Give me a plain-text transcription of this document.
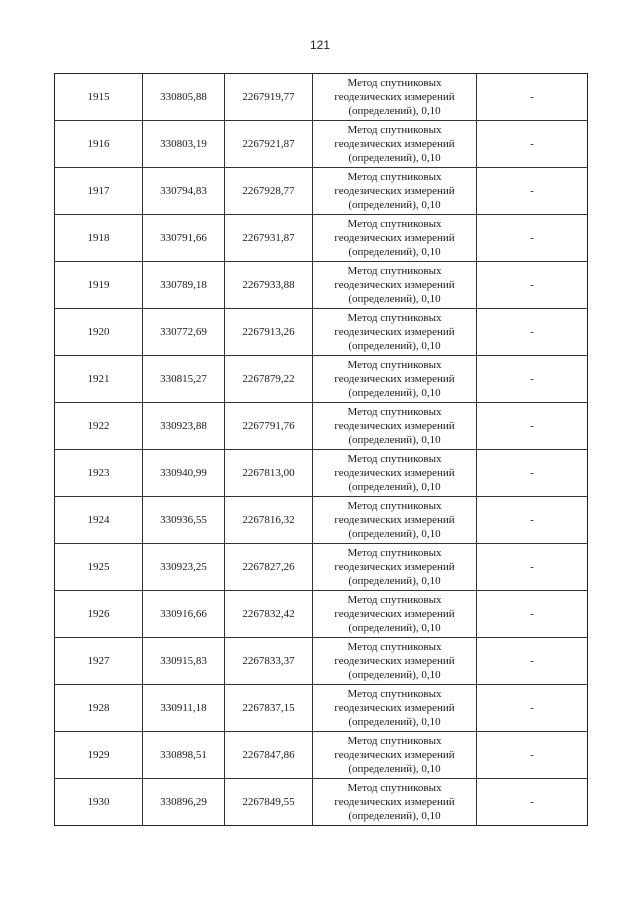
121
1915	330805,88	2267919,77	Метод спутниковых
геодезических измерений
(определений), 0,10	-
1916	330803,19	2267921,87	Метод спутниковых
геодезических измерений
(определений), 0,10	-
1917	330794,83	2267928,77	Метод спутниковых
геодезических измерений
(определений), 0,10	-
1918	330791,66	2267931,87	Метод спутниковых
геодезических измерений
(определений), 0,10	-
1919	330789,18	2267933,88	Метод спутниковых
геодезических измерений
(определений), 0,10	-
1920	330772,69	2267913,26	Метод спутниковых
геодезических измерений
(определений), 0,10	-
1921	330815,27	2267879,22	Метод спутниковых
геодезических измерений
(определений), 0,10	-
1922	330923,88	2267791,76	Метод спутниковых
геодезических измерений
(определений), 0,10	-
1923	330940,99	2267813,00	Метод спутниковых
геодезических измерений
(определений), 0,10	-
1924	330936,55	2267816,32	Метод спутниковых
геодезических измерений
(определений), 0,10	-
1925	330923,25	2267827,26	Метод спутниковых
геодезических измерений
(определений), 0,10	-
1926	330916,66	2267832,42	Метод спутниковых
геодезических измерений
(определений), 0,10	-
1927	330915,83	2267833,37	Метод спутниковых
геодезических измерений
(определений), 0,10	-
1928	330911,18	2267837,15	Метод спутниковых
геодезических измерений
(определений), 0,10	-
1929	330898,51	2267847,86	Метод спутниковых
геодезических измерений
(определений), 0,10	-
1930	330896,29	2267849,55	Метод спутниковых
геодезических измерений
(определений), 0,10	-
